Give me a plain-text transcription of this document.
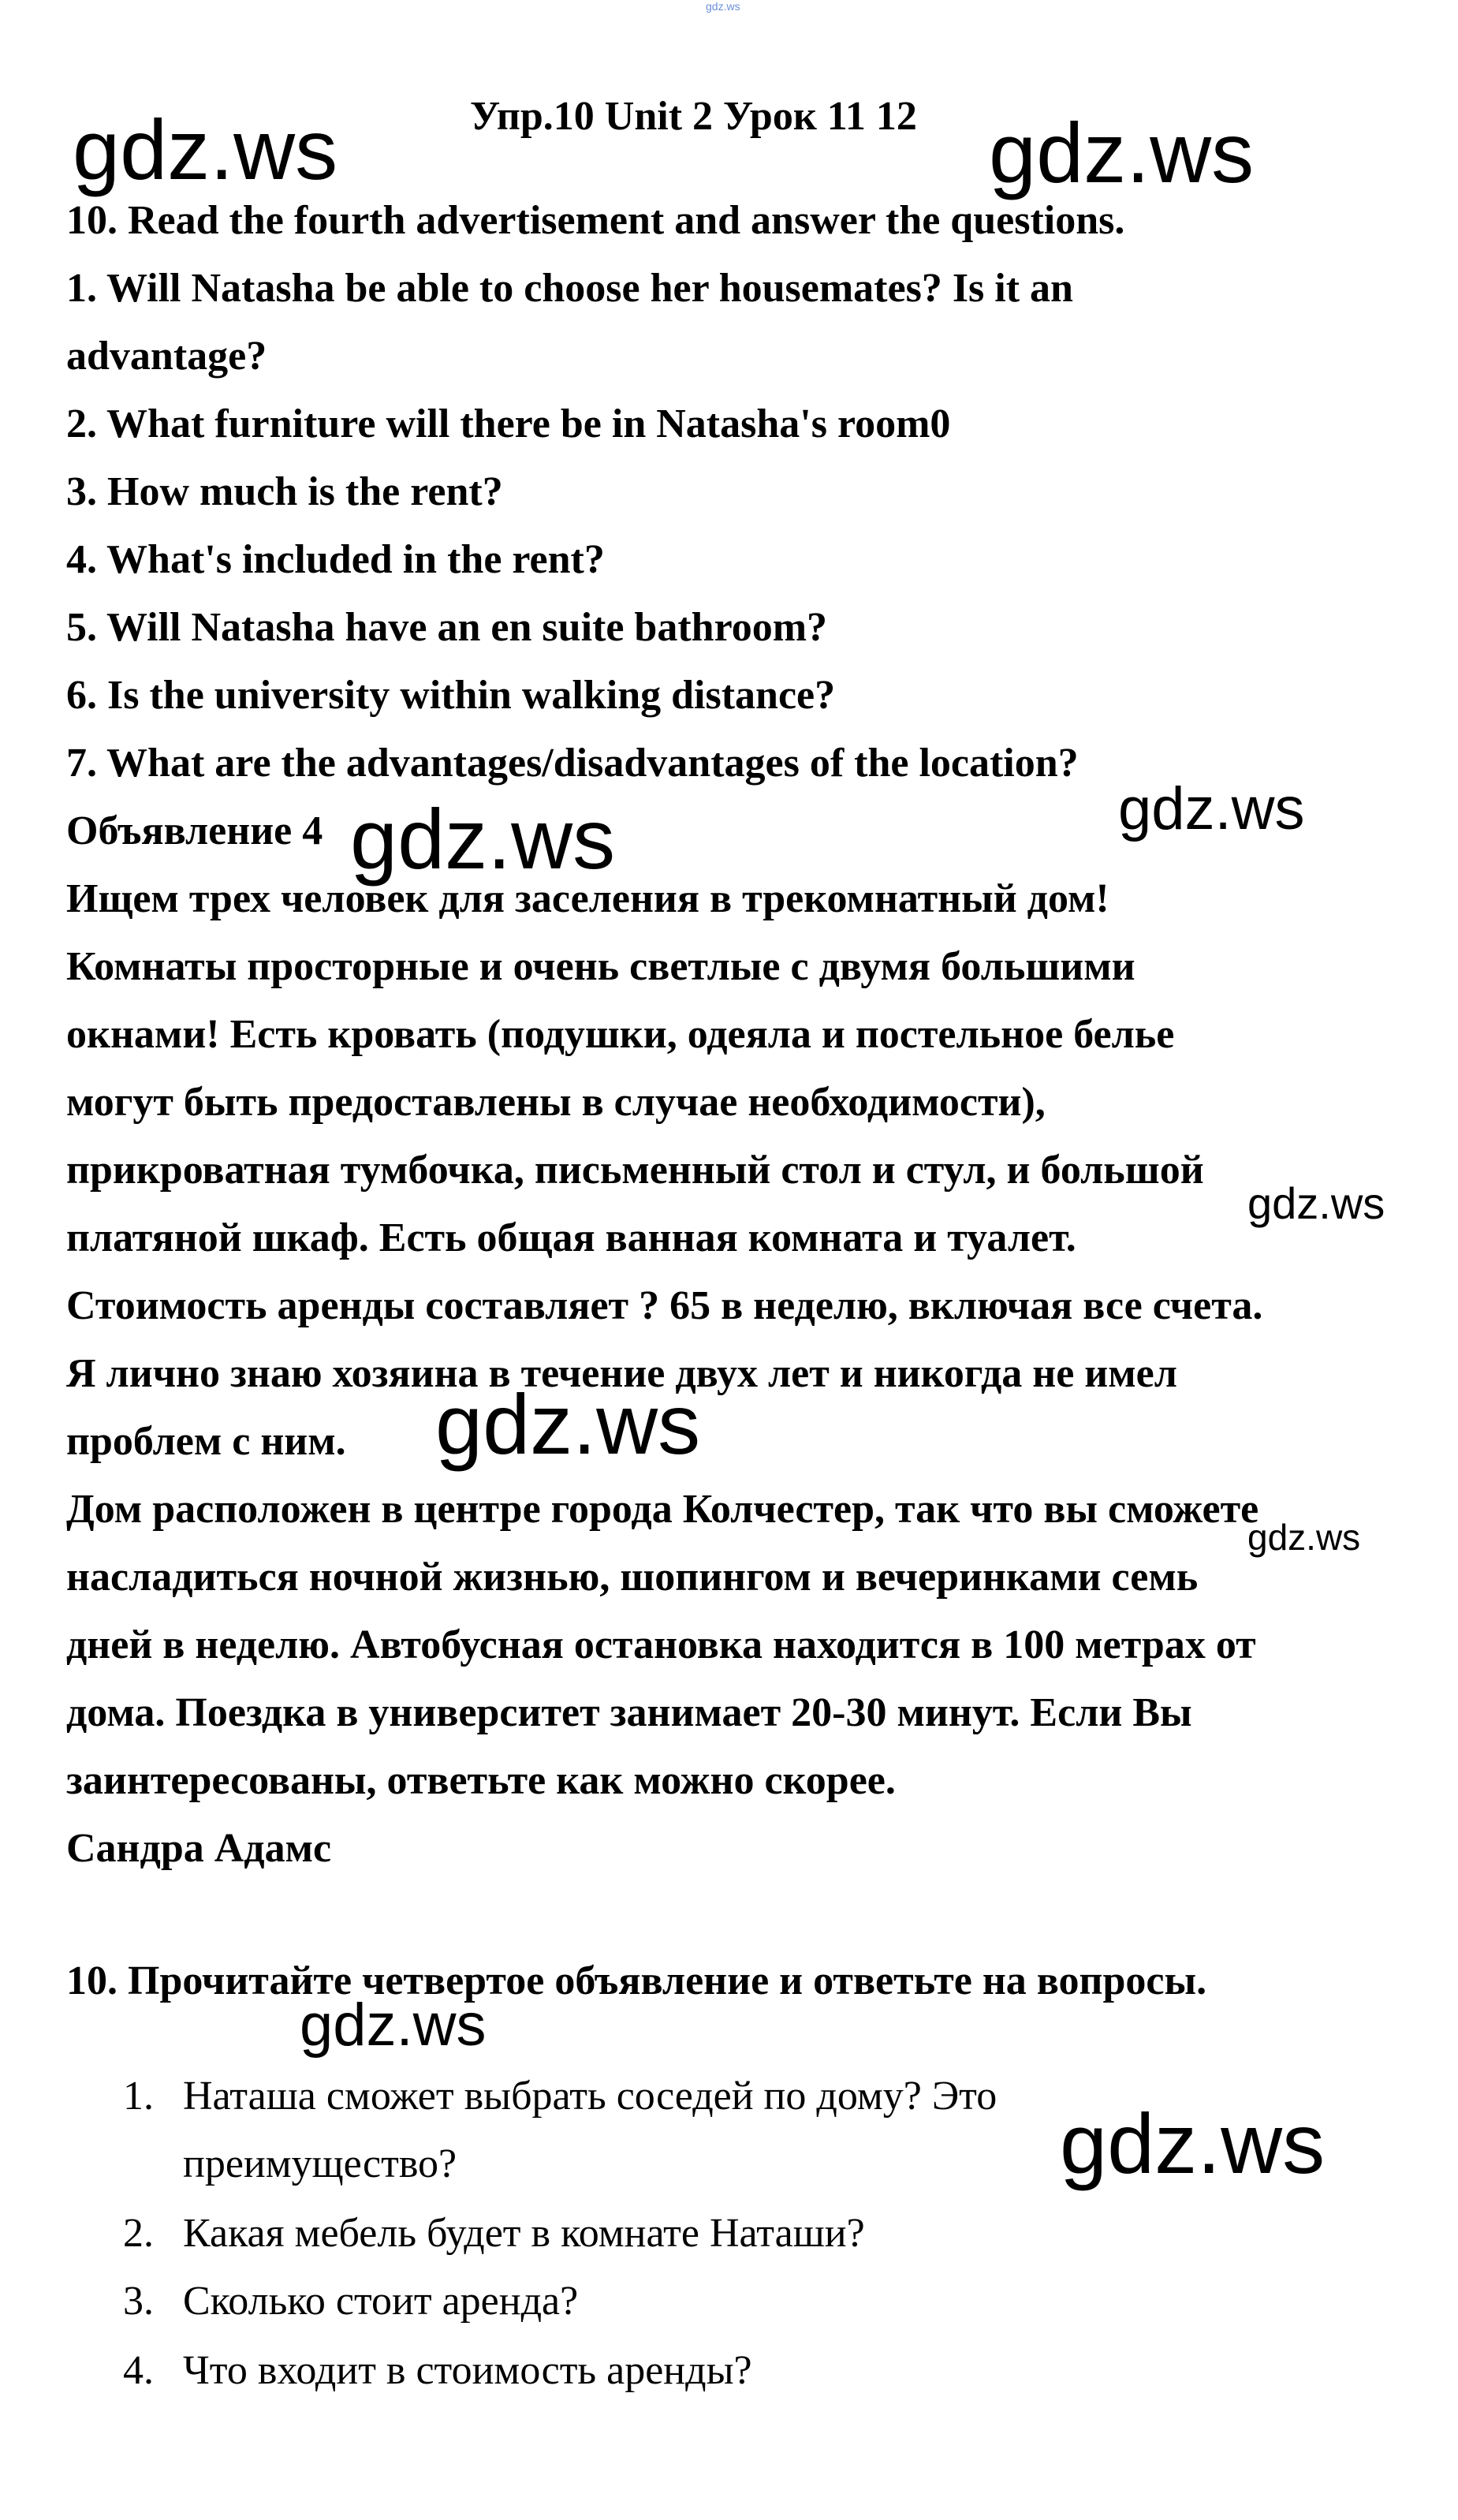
gdz.ws
Упр.10 Unit 2 Урок 11 12
10. Read the fourth advertisement and answer the questions.
1. Will Natasha be able to choose her housemates? Is it an
advantage?
2. What furniture will there be in Natasha's room0
3. How much is the rent?
4. What's included in the rent?
5. Will Natasha have an en suite bathroom?
6. Is the university within walking distance?
7. What are the advantages/disadvantages of the location?
Объявление 4
Ищем трех человек для заселения в трекомнатный дом!
Комнаты просторные и очень светлые с двумя большими
окнами! Есть кровать (подушки, одеяла и постельное белье
могут быть предоставлены в случае необходимости),
прикроватная тумбочка, письменный стол и стул, и большой
платяной шкаф. Есть общая ванная комната и туалет.
Стоимость аренды составляет ? 65 в неделю, включая все счета.
Я лично знаю хозяина в течение двух лет и никогда не имел
проблем с ним.
Дом расположен в центре города Колчестер, так что вы сможете
насладиться ночной жизнью, шопингом и вечеринками семь
дней в неделю. Автобусная остановка находится в 100 метрах от
дома. Поездка в университет занимает 20-30 минут. Если Вы
заинтересованы, ответьте как можно скорее.
Сандра Адамс
10. Прочитайте четвертое объявление и ответьте на вопросы.
1. Наташа сможет выбрать соседей по дому? Это
преимущество?
2. Какая мебель будет в комнате Наташи?
3. Сколько стоит аренда?
4. Что входит в стоимость аренды?
gdz.ws	gdz.ws
gdz.ws	gdz.ws
gdz.ws
gdz.ws
gdz.ws
gdz.ws
gdz.ws
